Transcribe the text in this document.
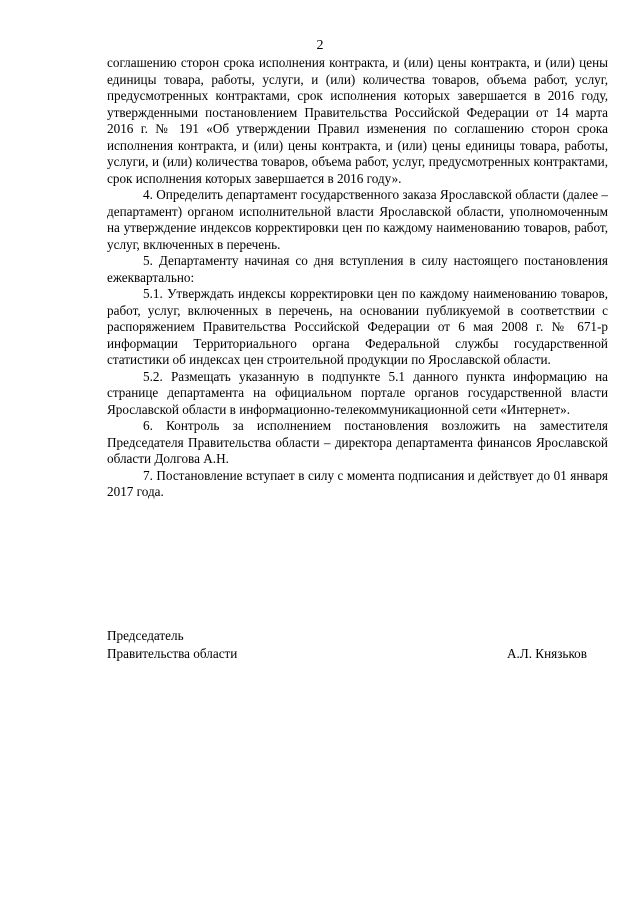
2

соглашению сторон срока исполнения контракта, и (или) цены контракта, и (или) цены единицы товара, работы, услуги, и (или) количества товаров, объема работ, услуг, предусмотренных контрактами, срок исполнения которых завершается в 2016 году, утвержденными постановлением Правительства Российской Федерации от 14 марта 2016 г. № 191 «Об утверждении Правил изменения по соглашению сторон срока исполнения контракта, и (или) цены контракта, и (или) цены единицы товара, работы, услуги, и (или) количества товаров, объема работ, услуг, предусмотренных контрактами, срок исполнения которых завершается в 2016 году».

4. Определить департамент государственного заказа Ярославской области (далее – департамент) органом исполнительной власти Ярославской области, уполномоченным на утверждение индексов корректировки цен по каждому наименованию товаров, работ, услуг, включенных в перечень.

5. Департаменту начиная со дня вступления в силу настоящего постановления ежеквартально:

5.1. Утверждать индексы корректировки цен по каждому наименованию товаров, работ, услуг, включенных в перечень, на основании публикуемой в соответствии с распоряжением Правительства Российской Федерации от 6 мая 2008 г. № 671-р информации Территориального органа Федеральной службы государственной статистики об индексах цен строительной продукции по Ярославской области.

5.2. Размещать указанную в подпункте 5.1 данного пункта информацию на странице департамента на официальном портале органов государственной власти Ярославской области в информационно-телекоммуникационной сети «Интернет».

6. Контроль за исполнением постановления возложить на заместителя Председателя Правительства области – директора департамента финансов Ярославской области Долгова А.Н.

7. Постановление вступает в силу с момента подписания и действует до 01 января 2017 года.

Председатель
Правительства области	А.Л. Князьков
